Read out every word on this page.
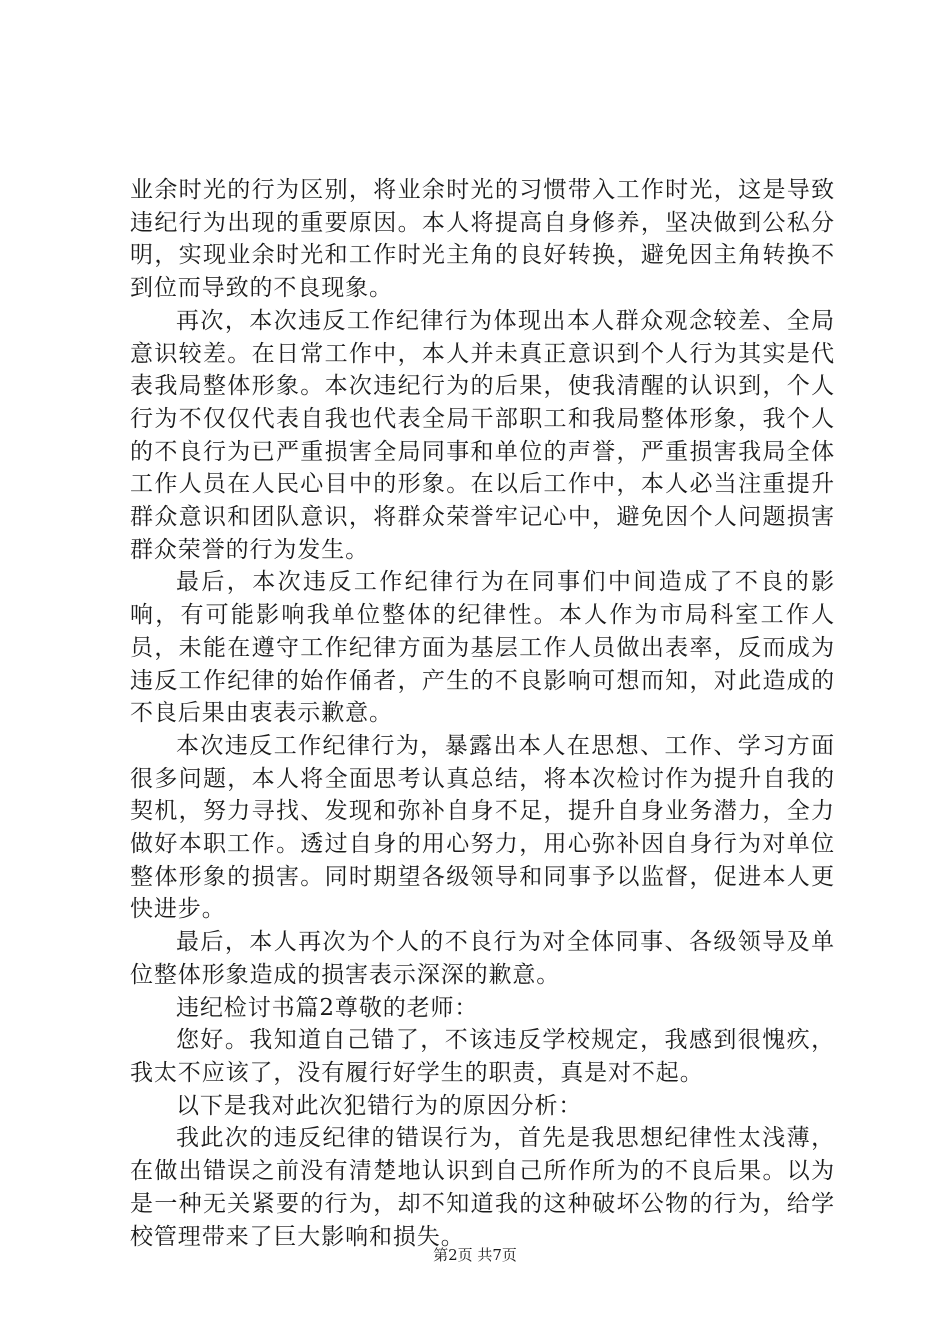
业余时光的行为区别，将业余时光的习惯带入工作时光，这是导致违纪行为出现的重要原因。本人将提高自身修养，坚决做到公私分明，实现业余时光和工作时光主角的良好转换，避免因主角转换不到位而导致的不良现象。

再次，本次违反工作纪律行为体现出本人群众观念较差、全局意识较差。在日常工作中，本人并未真正意识到个人行为其实是代表我局整体形象。本次违纪行为的后果，使我清醒的认识到，个人行为不仅仅代表自我也代表全局干部职工和我局整体形象，我个人的不良行为已严重损害全局同事和单位的声誉，严重损害我局全体工作人员在人民心目中的形象。在以后工作中，本人必当注重提升群众意识和团队意识，将群众荣誉牢记心中，避免因个人问题损害群众荣誉的行为发生。

最后，本次违反工作纪律行为在同事们中间造成了不良的影响，有可能影响我单位整体的纪律性。本人作为市局科室工作人员，未能在遵守工作纪律方面为基层工作人员做出表率，反而成为违反工作纪律的始作俑者，产生的不良影响可想而知，对此造成的不良后果由衷表示歉意。

本次违反工作纪律行为，暴露出本人在思想、工作、学习方面很多问题，本人将全面思考认真总结，将本次检讨作为提升自我的契机，努力寻找、发现和弥补自身不足，提升自身业务潜力，全力做好本职工作。透过自身的用心努力，用心弥补因自身行为对单位整体形象的损害。同时期望各级领导和同事予以监督，促进本人更快进步。

最后，本人再次为个人的不良行为对全体同事、各级领导及单位整体形象造成的损害表示深深的歉意。

违纪检讨书篇2尊敬的老师：

您好。我知道自己错了，不该违反学校规定，我感到很愧疚，我太不应该了，没有履行好学生的职责，真是对不起。

以下是我对此次犯错行为的原因分析：

我此次的违反纪律的错误行为，首先是我思想纪律性太浅薄，在做出错误之前没有清楚地认识到自己所作所为的不良后果。以为是一种无关紧要的行为，却不知道我的这种破坏公物的行为，给学校管理带来了巨大影响和损失。

第2页 共7页
